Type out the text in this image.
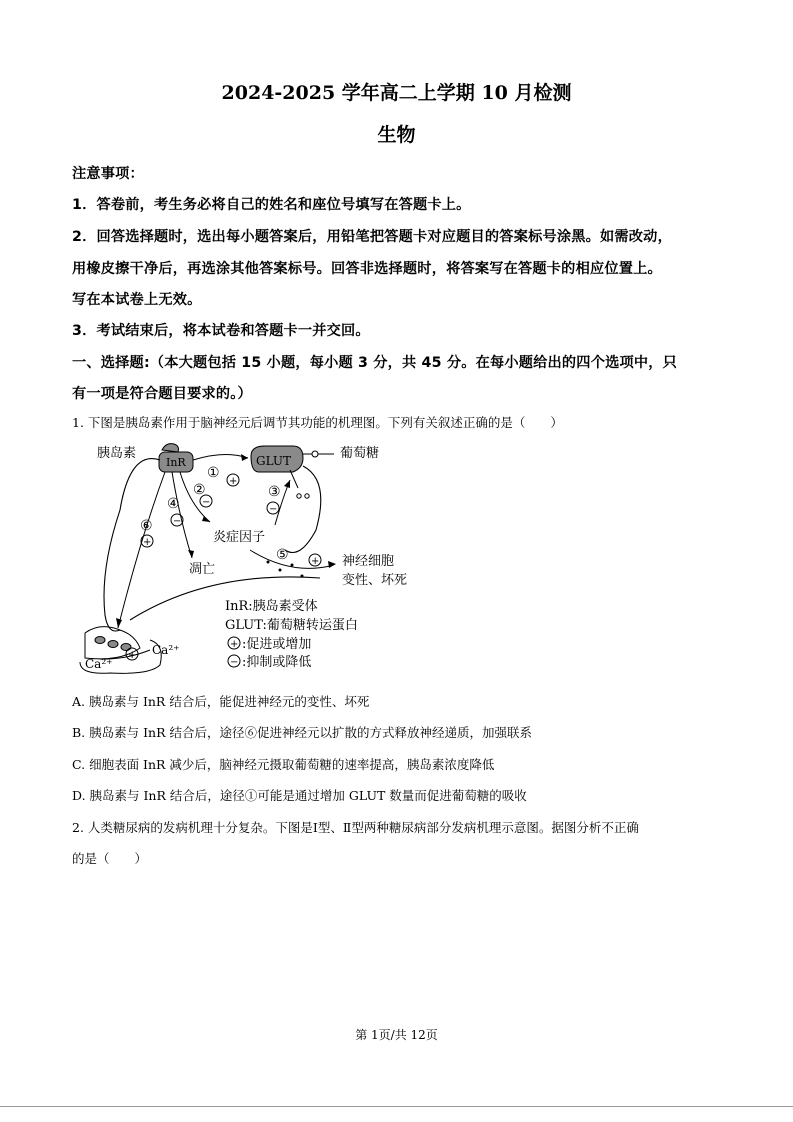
2024-2025 学年高二上学期 10 月检测
生物
注意事项：
1．答卷前，考生务必将自己的姓名和座位号填写在答题卡上。
2．回答选择题时，选出每小题答案后，用铅笔把答题卡对应题目的答案标号涂黑。如需改动，
用橡皮擦干净后，再选涂其他答案标号。回答非选择题时，将答案写在答题卡的相应位置上。
写在本试卷上无效。
3．考试结束后，将本试卷和答题卡一并交回。
一、选择题:（本大题包括 15 小题，每小题 3 分，共 45 分。在每小题给出的四个选项中，只
有一项是符合题目要求的。）
1. 下图是胰岛素作用于脑神经元后调节其功能的机理图。下列有关叙述正确的是（　　）
胰岛素
InR	GLUT	葡萄糖
①
+
②
−
③
−
④
−
⑥
+	炎症因子
⑤ + 神经细胞
变性、坏死
凋亡
+ Ca²⁺
Ca²⁺
InR:胰岛素受体
GLUT:葡萄糖转运蛋白
+ :促进或增加
− :抑制或降低
A. 胰岛素与 InR 结合后，能促进神经元的变性、坏死
B. 胰岛素与 InR 结合后，途径⑥促进神经元以扩散的方式释放神经递质，加强联系
C. 细胞表面 InR 减少后，脑神经元摄取葡萄糖的速率提高，胰岛素浓度降低
D. 胰岛素与 InR 结合后，途径①可能是通过增加 GLUT 数量而促进葡萄糖的吸收
2. 人类糖尿病的发病机理十分复杂。下图是Ⅰ型、Ⅱ型两种糖尿病部分发病机理示意图。据图分析不正确
的是（　　）
第 1页/共 12页
